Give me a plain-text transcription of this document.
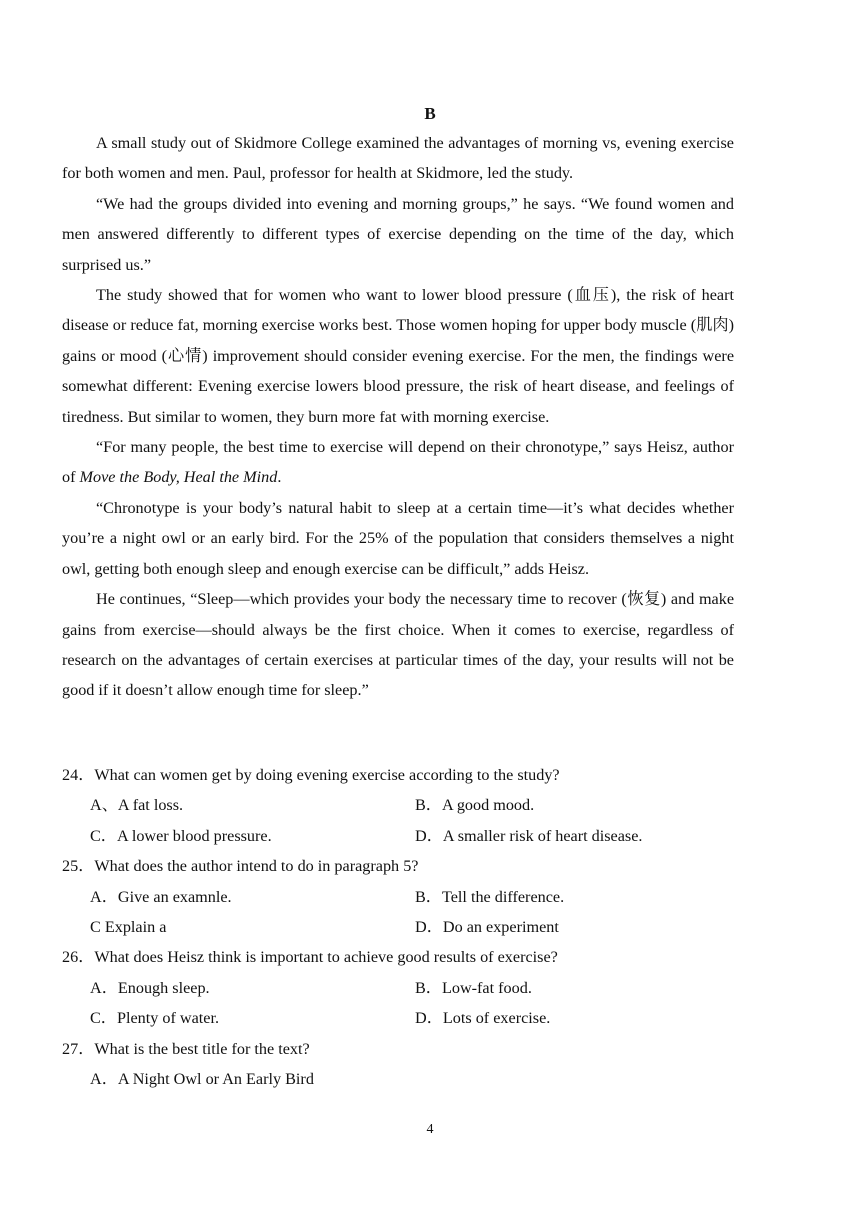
B

A small study out of Skidmore College examined the advantages of morning vs, evening exercise for both women and men. Paul, professor for health at Skidmore, led the study.

“We had the groups divided into evening and morning groups,” he says. “We found women and men answered differently to different types of exercise depending on the time of the day, which surprised us.”

The study showed that for women who want to lower blood pressure (血压), the risk of heart disease or reduce fat, morning exercise works best. Those women hoping for upper body muscle (肌肉) gains or mood (心情) improvement should consider evening exercise. For the men, the findings were somewhat different: Evening exercise lowers blood pressure, the risk of heart disease, and feelings of tiredness. But similar to women, they burn more fat with morning exercise.

“For many people, the best time to exercise will depend on their chronotype,” says Heisz, author of Move the Body, Heal the Mind.

“Chronotype is your body’s natural habit to sleep at a certain time—it’s what decides whether you’re a night owl or an early bird. For the 25% of the population that considers themselves a night owl, getting both enough sleep and enough exercise can be difficult,” adds Heisz.

He continues, “Sleep—which provides your body the necessary time to recover (恢复) and make gains from exercise—should always be the first choice. When it comes to exercise, regardless of research on the advantages of certain exercises at particular times of the day, your results will not be good if it doesn’t allow enough time for sleep.”

24．What can women get by doing evening exercise according to the study?

A、A fat loss.	B．A good mood.
C．A lower blood pressure.	D．A smaller risk of heart disease.

25．What does the author intend to do in paragraph 5?

A．Give an examnle.	B．Tell the difference.
C Explain a	D．Do an experiment

26．What does Heisz think is important to achieve good results of exercise?

A．Enough sleep.	B．Low-fat food.
C．Plenty of water.	D．Lots of exercise.

27．What is the best title for the text?

A．A Night Owl or An Early Bird
4
